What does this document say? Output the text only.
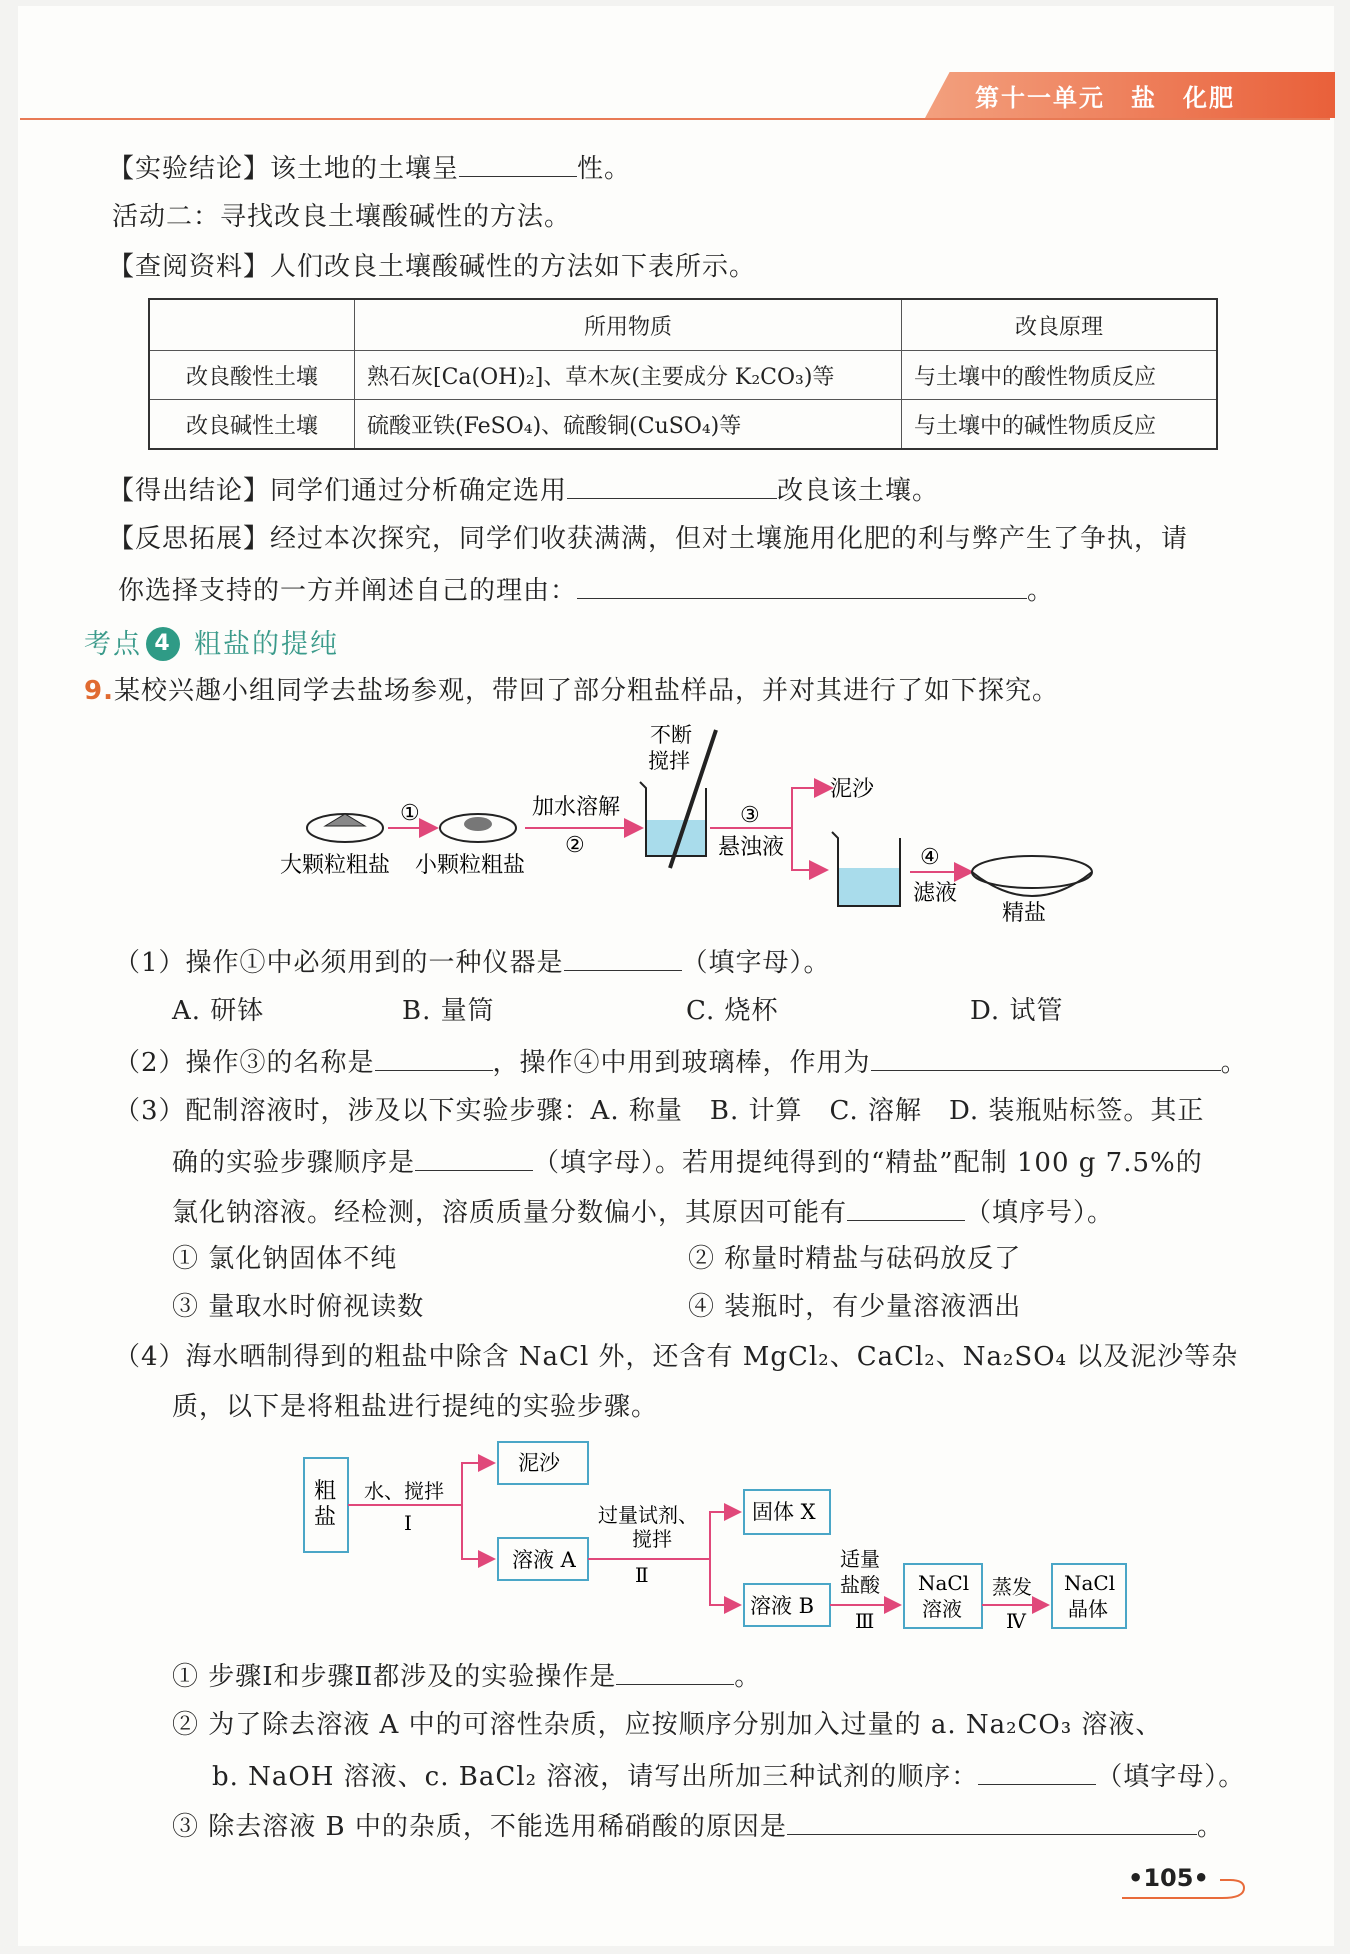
第十一单元　盐　化肥
【实验结论】该土地的土壤呈	性。
活动二：寻找改良土壤酸碱性的方法。
【查阅资料】人们改良土壤酸碱性的方法如下表所示。
	所用物质	改良原理
改良酸性土壤	熟石灰[Ca(OH)₂]、草木灰(主要成分 K₂CO₃)等	与土壤中的酸性物质反应
改良碱性土壤	硫酸亚铁(FeSO₄)、硫酸铜(CuSO₄)等	与土壤中的碱性物质反应
【得出结论】同学们通过分析确定选用	改良该土壤。
【反思拓展】经过本次探究，同学们收获满满，但对土壤施用化肥的利与弊产生了争执，请
你选择支持的一方并阐述自己的理由：	。
考点 4 粗盐的提纯
9.某校兴趣小组同学去盐场参观，带回了部分粗盐样品，并对其进行了如下探究。
大颗粒粗盐
①
小颗粒粗盐
加水溶解
②
不断
搅拌
③
悬浊液
泥沙
④
滤液
精盐
（1）操作①中必须用到的一种仪器是	（填字母）。
A. 研钵	B. 量筒	C. 烧杯	D. 试管
（2）操作③的名称是	，操作④中用到玻璃棒，作用为	。
（3）配制溶液时，涉及以下实验步骤：A. 称量　B. 计算　C. 溶解　D. 装瓶贴标签。其正
确的实验步骤顺序是	（填字母）。若用提纯得到的“精盐”配制 100 g 7.5%的
氯化钠溶液。经检测，溶质质量分数偏小，其原因可能有	（填序号）。
① 氯化钠固体不纯	② 称量时精盐与砝码放反了
③ 量取水时俯视读数	④ 装瓶时，有少量溶液洒出
（4）海水晒制得到的粗盐中除含 NaCl 外，还含有 MgCl₂、CaCl₂、Na₂SO₄ 以及泥沙等杂
质，以下是将粗盐进行提纯的实验步骤。
粗
盐
水、搅拌
Ⅰ
泥沙
溶液 A
过量试剂、
搅拌
Ⅱ
固体 X
溶液 B
适量
盐酸
Ⅲ
NaCl
溶液
蒸发
Ⅳ
NaCl
晶体
① 步骤Ⅰ和步骤Ⅱ都涉及的实验操作是	。
② 为了除去溶液 A 中的可溶性杂质，应按顺序分别加入过量的 a. Na₂CO₃ 溶液、
b. NaOH 溶液、c. BaCl₂ 溶液，请写出所加三种试剂的顺序：	（填字母）。
③ 除去溶液 B 中的杂质，不能选用稀硝酸的原因是	。
•105•
